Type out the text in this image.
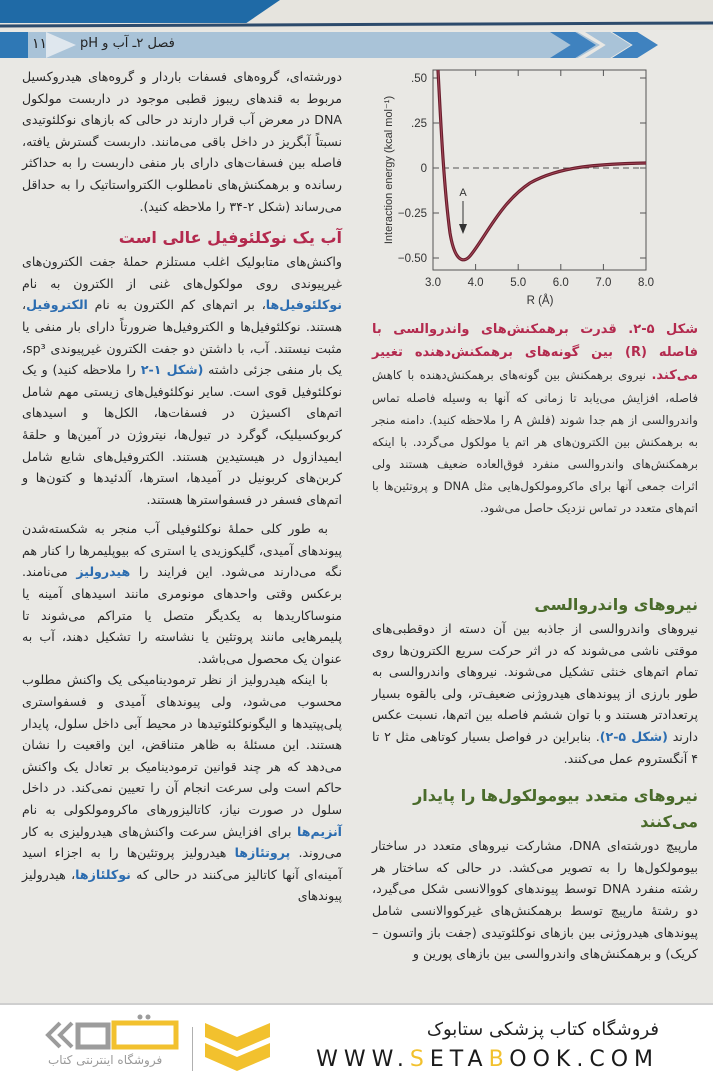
۱۱	فصل ۲ـ آب و pH

دورشته‌ای، گروه‌های فسفات باردار و گروه‌های هیدروکسیل مربوط به قندهای ریبوز قطبی موجود در داربست مولکول DNA در معرض آب قرار دارند در حالی که بازهای نوکلئوتیدی نسبتاً آبگریز در داخل باقی می‌مانند. داربست گسترش یافته، فاصله بین فسفات‌های دارای بار منفی داربست را به حداکثر رسانده و برهمکنش‌های نامطلوب الکترواستاتیک را به حداقل می‌رساند (شکل ۲-۳۴ را ملاحظه کنید).

آب یک نوکلئوفیل عالی است

واکنش‌های متابولیک اغلب مستلزم حملهٔ جفت الکترون‌های غیرپیوندی روی مولکول‌های غنی از الکترون به نام نوکلئوفیل‌ها، بر اتم‌های کم الکترون به نام الکتروفیل، هستند. نوکلئوفیل‌ها و الکتروفیل‌ها ضرورتاً دارای بار منفی یا مثبت نیستند. آب، با داشتن دو جفت الکترون غیرپیوندی sp³، یک بار منفی جزئی داشته (شکل ۱-۲ را ملاحظه کنید) و یک نوکلئوفیل قوی است. سایر نوکلئوفیل‌های زیستی مهم شامل اتم‌های اکسیژن در فسفات‌ها، الکل‌ها و اسیدهای کربوکسیلیک، گوگرد در تیول‌ها، نیتروژن در آمین‌ها و حلقهٔ ایمیدازول در هیستیدین هستند. الکتروفیل‌های شایع شامل کربن‌های کربونیل در آمیدها، استرها، آلدئیدها و کتون‌ها و اتم‌های فسفر در فسفواسترها هستند.

به طور کلی حملهٔ نوکلئوفیلی آب منجر به شکسته‌شدن پیوندهای آمیدی، گلیکوزیدی یا استری که بیوپلیمرها را کنار هم نگه می‌دارند می‌شود. این فرایند را هیدرولیز می‌نامند. برعکس وقتی واحدهای مونومری مانند اسیدهای آمینه یا منوساکاریدها به یکدیگر متصل یا متراکم می‌شوند تا پلیمرهایی مانند پروتئین یا نشاسته را تشکیل دهند، آب به عنوان یک محصول می‌باشد.

با اینکه هیدرولیز از نظر ترمودینامیکی یک واکنش مطلوب محسوب می‌شود، ولی پیوندهای آمیدی و فسفواستری پلی‌پپتیدها و الیگونوکلئوتیدها در محیط آبی داخل سلول، پایدار هستند. این مسئلهٔ به ظاهر متناقض، این واقعیت را نشان می‌دهد که هر چند قوانین ترمودینامیک بر تعادل یک واکنش حاکم است ولی سرعت انجام آن را تعیین نمی‌کند. در داخل سلول در صورت نیاز، کاتالیزورهای ماکرومولکولی به نام آنزیم‌ها برای افزایش سرعت واکنش‌های هیدرولیزی به کار می‌روند. پروتئازها هیدرولیز پروتئین‌ها را به اجزاء اسید آمینه‌ای آنها کاتالیز می‌کنند در حالی که نوکلئازها، هیدرولیز پیوندهای

A
.50
.25
0
−0.25
−0.50
3.0 4.0 5.0 6.0 7.0 8.0
R (Å)
Interaction energy (kcal mol⁻¹)

شکل ۵-۲. قدرت برهمکنش‌های واندروالسی با فاصله (R) بین گونه‌های برهمکنش‌دهنده تغییر می‌کند. نیروی برهمکنش بین گونه‌های برهمکنش‌دهنده با کاهش فاصله، افزایش می‌یابد تا زمانی که آنها به وسیله فاصله تماس واندروالسی از هم جدا شوند (فلش A را ملاحظه کنید). دامنه منجر به برهمکنش بین الکترون‌های هر اتم یا مولکول می‌گردد. با اینکه برهمکنش‌های واندروالسی منفرد فوق‌العاده ضعیف هستند ولی اثرات جمعی آنها برای ماکرومولکول‌هایی مثل DNA و پروتئین‌ها با اتم‌های متعدد در تماس نزدیک حاصل می‌شود.

نیروهای واندروالسی

نیروهای واندروالسی از جاذبه بین آن دسته از دوقطبی‌های موقتی ناشی می‌شوند که در اثر حرکت سریع الکترون‌ها روی تمام اتم‌های خنثی تشکیل می‌شوند. نیروهای واندروالسی به طور بارزی از پیوندهای هیدروژنی ضعیف‌تر، ولی بالقوه بسیار پرتعدادتر هستند و با توان ششم فاصله بین اتم‌ها، نسبت عکس دارند (شکل ۵-۲). بنابراین در فواصل بسیار کوتاهی مثل ۲ تا ۴ آنگستروم عمل می‌کنند.

نیروهای متعدد بیومولکول‌ها را پایدار می‌کنند

مارپیچ دورشته‌ای DNA، مشارکت نیروهای متعدد در ساختار بیومولکول‌ها را به تصویر می‌کشد. در حالی که ساختار هر رشته منفرد DNA توسط پیوندهای کووالانسی شکل می‌گیرد، دو رشتهٔ مارپیچ توسط برهمکنش‌های غیرکووالانسی شامل پیوندهای هیدروژنی بین بازهای نوکلئوتیدی (جفت باز واتسون – کریک) و برهمکنش‌های واندروالسی بین بازهای پورین و

فروشگاه اینترنتی کتاب
فروشگاه کتاب پزشکی ستابوک
WWW.SETABOOK.COM
